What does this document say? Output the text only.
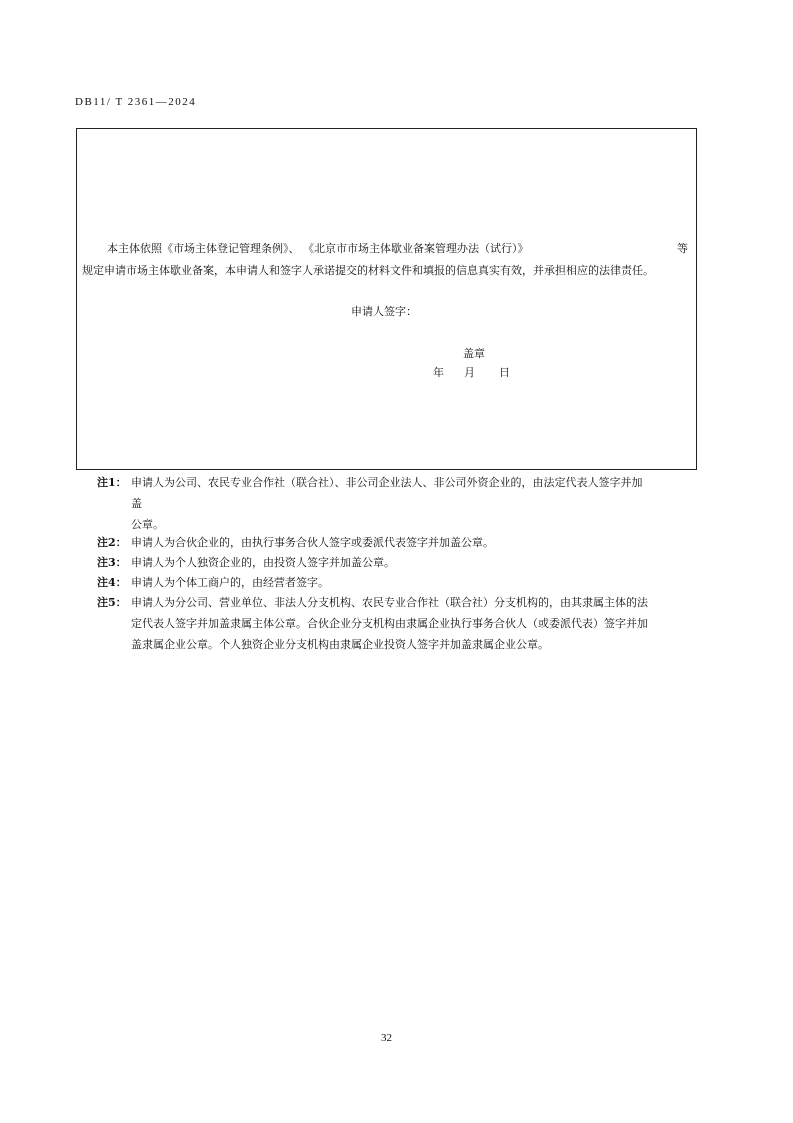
DB11/ T 2361—2024
本主体依照《市场主体登记管理条例》、 《北京市市场主体歇业备案管理办法（试行）》	等
规定申请市场主体歇业备案，本申请人和签字人承诺提交的材料文件和填报的信息真实有效，并承担相应的法律责任。
申请人签字：
盖章
年 月 日
注1： 申请人为公司、农民专业合作社（联合社）、非公司企业法人、非公司外资企业的，由法定代表人签字并加
盖
公章。
注2： 申请人为合伙企业的，由执行事务合伙人签字或委派代表签字并加盖公章。
注3： 申请人为个人独资企业的，由投资人签字并加盖公章。
注4： 申请人为个体工商户的，由经营者签字。
注5： 申请人为分公司、营业单位、非法人分支机构、农民专业合作社（联合社）分支机构的，由其隶属主体的法
定代表人签字并加盖隶属主体公章。合伙企业分支机构由隶属企业执行事务合伙人（或委派代表）签字并加
盖隶属企业公章。个人独资企业分支机构由隶属企业投资人签字并加盖隶属企业公章。
32
